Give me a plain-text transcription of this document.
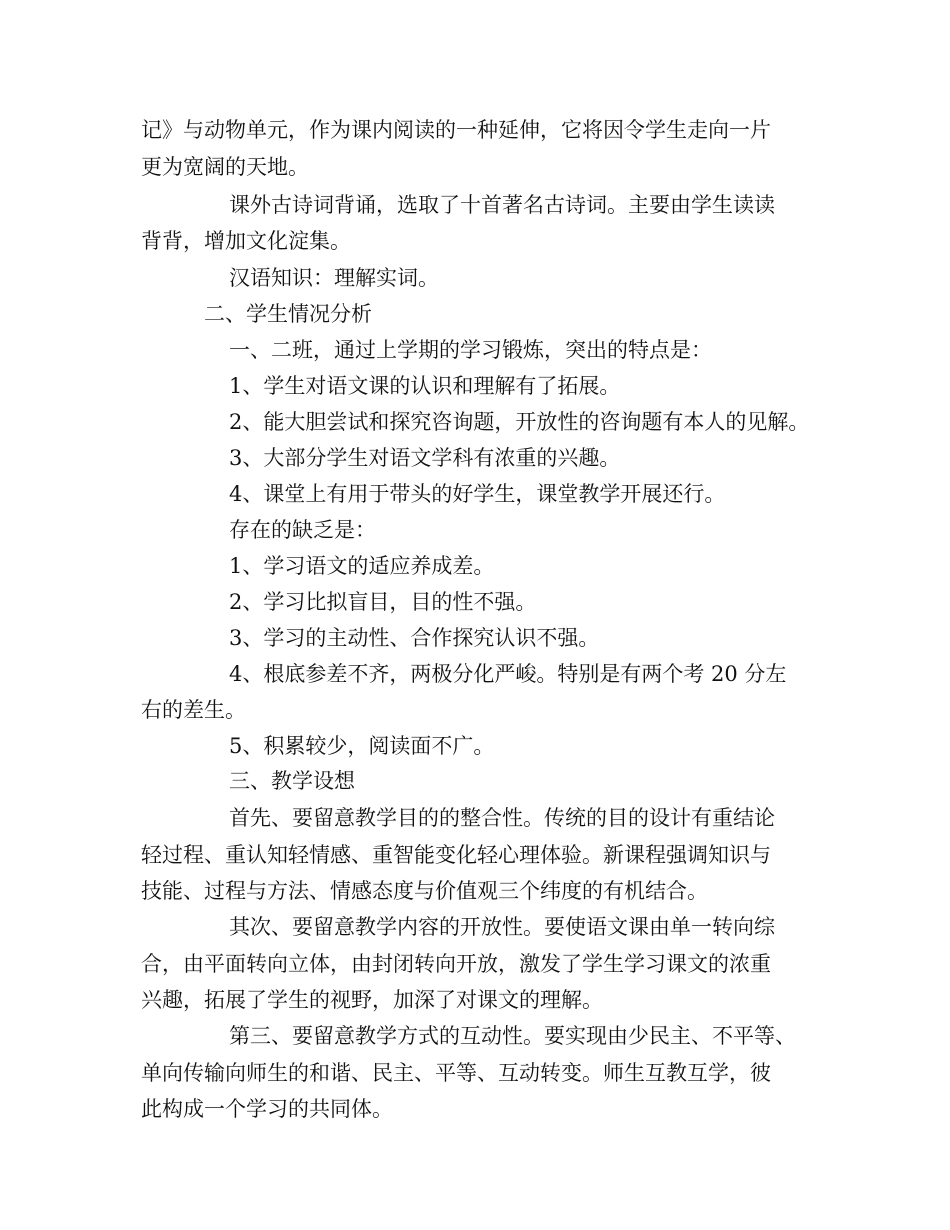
记》与动物单元，作为课内阅读的一种延伸，它将因令学生走向一片
更为宽阔的天地。
课外古诗词背诵，选取了十首著名古诗词。主要由学生读读
背背，增加文化淀集。
汉语知识：理解实词。
二、学生情况分析
一、二班，通过上学期的学习锻炼，突出的特点是：
1、学生对语文课的认识和理解有了拓展。
2、能大胆尝试和探究咨询题，开放性的咨询题有本人的见解。
3、大部分学生对语文学科有浓重的兴趣。
4、课堂上有用于带头的好学生，课堂教学开展还行。
存在的缺乏是：
1、学习语文的适应养成差。
2、学习比拟盲目，目的性不强。
3、学习的主动性、合作探究认识不强。
4、根底参差不齐，两极分化严峻。特别是有两个考 20 分左
右的差生。
5、积累较少，阅读面不广。
三、教学设想
首先、要留意教学目的的整合性。传统的目的设计有重结论
轻过程、重认知轻情感、重智能变化轻心理体验。新课程强调知识与
技能、过程与方法、情感态度与价值观三个纬度的有机结合。
其次、要留意教学内容的开放性。要使语文课由单一转向综
合，由平面转向立体，由封闭转向开放，激发了学生学习课文的浓重
兴趣，拓展了学生的视野，加深了对课文的理解。
第三、要留意教学方式的互动性。要实现由少民主、不平等、
单向传输向师生的和谐、民主、平等、互动转变。师生互教互学，彼
此构成一个学习的共同体。
